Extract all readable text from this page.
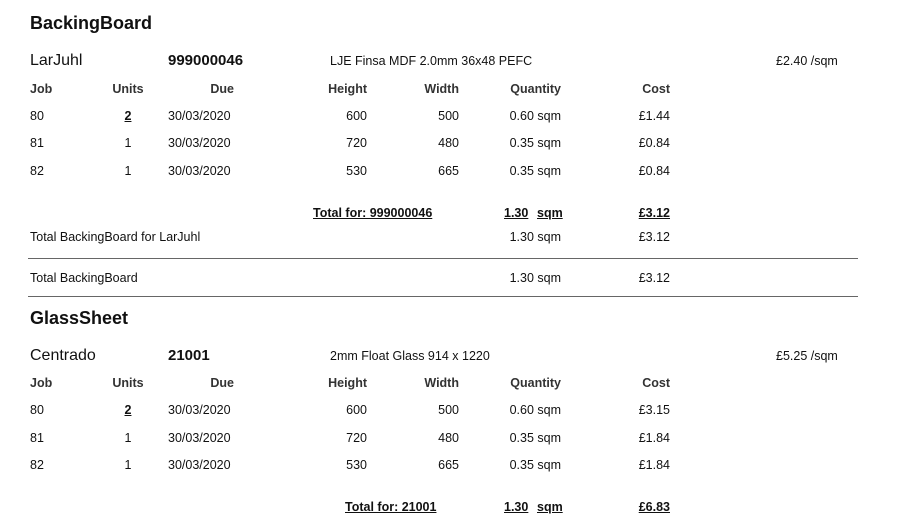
BackingBoard
LarJuhl	999000046	LJE Finsa MDF 2.0mm 36x48 PEFC	£2.40 /sqm
Job	Units	Due	Height	Width	Quantity	Cost
80	2	30/03/2020	600	500	0.60 sqm	£1.44
81	1	30/03/2020	720	480	0.35 sqm	£0.84
82	1	30/03/2020	530	665	0.35 sqm	£0.84
Total for: 999000046	1.30 sqm	£3.12
Total BackingBoard for LarJuhl	1.30 sqm	£3.12
Total BackingBoard	1.30 sqm	£3.12
GlassSheet
Centrado	21001	2mm Float Glass 914 x 1220	£5.25 /sqm
Job	Units	Due	Height	Width	Quantity	Cost
80	2	30/03/2020	600	500	0.60 sqm	£3.15
81	1	30/03/2020	720	480	0.35 sqm	£1.84
82	1	30/03/2020	530	665	0.35 sqm	£1.84
Total for: 21001	1.30 sqm	£6.83
